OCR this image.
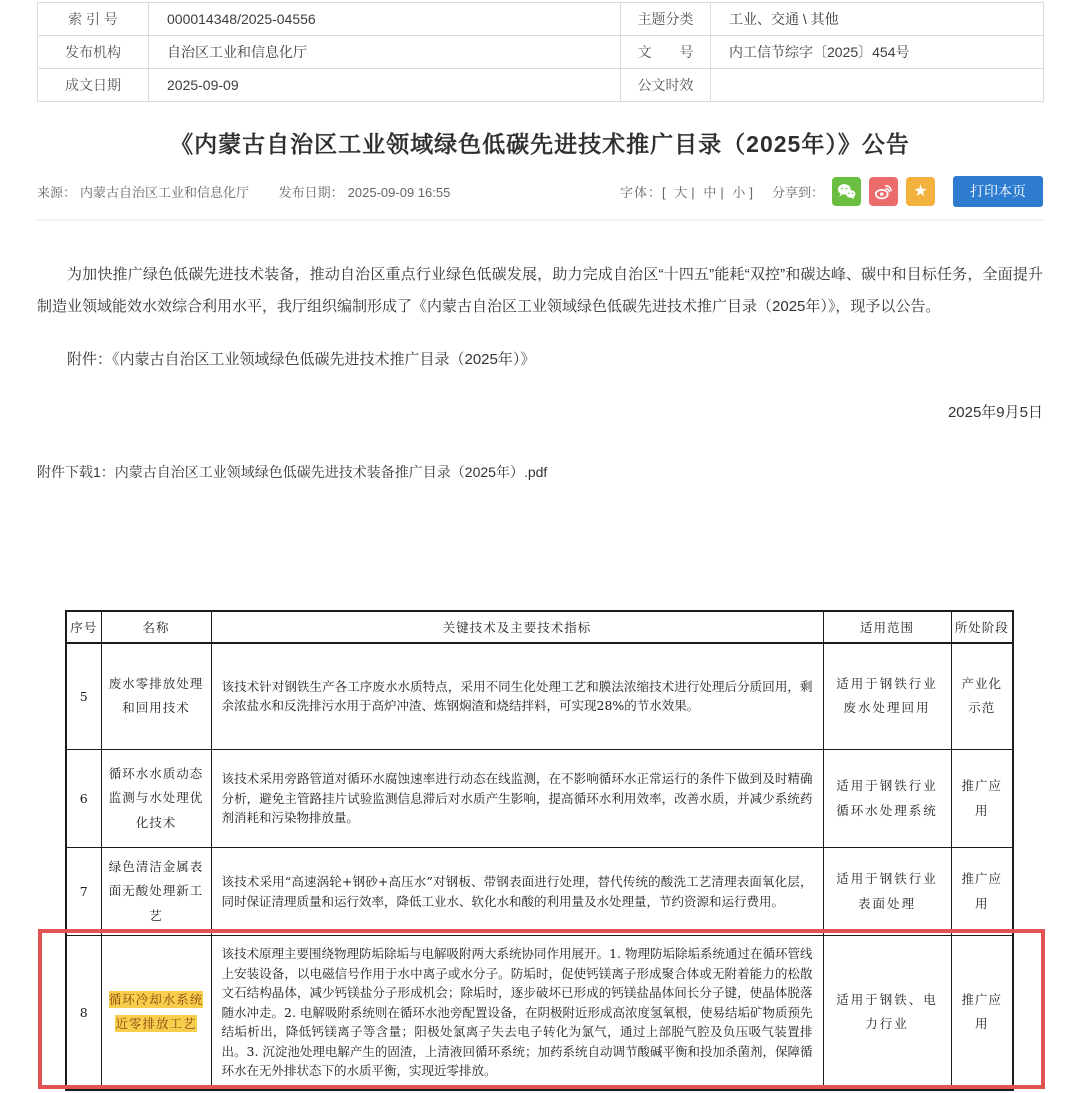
索 引 号	000014348/2025-04556	主题分类	工业、交通 \ 其他
发布机构	自治区工业和信息化厅	文　　号	内工信节综字〔2025〕454号
成文日期	2025-09-09	公文时效	
《内蒙古自治区工业领域绿色低碳先进技术推广目录（2025年）》公告
来源： 内蒙古自治区工业和信息化厅 发布日期： 2025-09-09 16:55	字体：[ 大 | 中 | 小 ] 分享到：	★	打印本页

为加快推广绿色低碳先进技术装备，推动自治区重点行业绿色低碳发展，助力完成自治区“十四五”能耗“双控”和碳达峰、碳中和目标任务，全面提升制造业领域能效水效综合利用水平，我厅组织编制形成了《内蒙古自治区工业领域绿色低碳先进技术推广目录（2025年）》，现予以公告。

附件：《内蒙古自治区工业领域绿色低碳先进技术推广目录（2025年）》

2025年9月5日

附件下载1：内蒙古自治区工业领域绿色低碳先进技术装备推广目录（2025年）.pdf

序号	名称	关键技术及主要技术指标	适用范围	所处阶段
5	废水零排放处理和回用技术	该技术针对钢铁生产各工序废水水质特点，采用不同生化处理工艺和膜法浓缩技术进行处理后分质回用，剩余浓盐水和反洗排污水用于高炉冲渣、炼钢焖渣和烧结拌料，可实现28%的节水效果。	适用于钢铁行业废水处理回用	产业化示范
6	循环水水质动态监测与水处理优化技术	该技术采用旁路管道对循环水腐蚀速率进行动态在线监测，在不影响循环水正常运行的条件下做到及时精确分析，避免主管路挂片试验监测信息滞后对水质产生影响，提高循环水利用效率，改善水质，并减少系统药剂消耗和污染物排放量。	适用于钢铁行业循环水处理系统	推广应用
7	绿色清洁金属表面无酸处理新工艺	该技术采用“高速涡轮+钢砂+高压水”对钢板、带钢表面进行处理，替代传统的酸洗工艺清理表面氧化层，同时保证清理质量和运行效率，降低工业水、软化水和酸的利用量及水处理量，节约资源和运行费用。	适用于钢铁行业表面处理	推广应用
8	循环冷却水系统近零排放工艺	该技术原理主要围绕物理防垢除垢与电解吸附两大系统协同作用展开。1. 物理防垢除垢系统通过在循环管线上安装设备，以电磁信号作用于水中离子或水分子。防垢时，促使钙镁离子形成聚合体或无附着能力的松散文石结构晶体，减少钙镁盐分子形成机会；除垢时，逐步破坏已形成的钙镁盐晶体间长分子键，使晶体脱落随水冲走。2. 电解吸附系统则在循环水池旁配置设备，在阴极附近形成高浓度氢氧根，使易结垢矿物质预先结垢析出，降低钙镁离子等含量；阳极处氯离子失去电子转化为氯气，通过上部脱气腔及负压吸气装置排出。3. 沉淀池处理电解产生的固渣，上清液回循环系统；加药系统自动调节酸碱平衡和投加杀菌剂，保障循环水在无外排状态下的水质平衡，实现近零排放。	适用于钢铁、电力行业	推广应用
